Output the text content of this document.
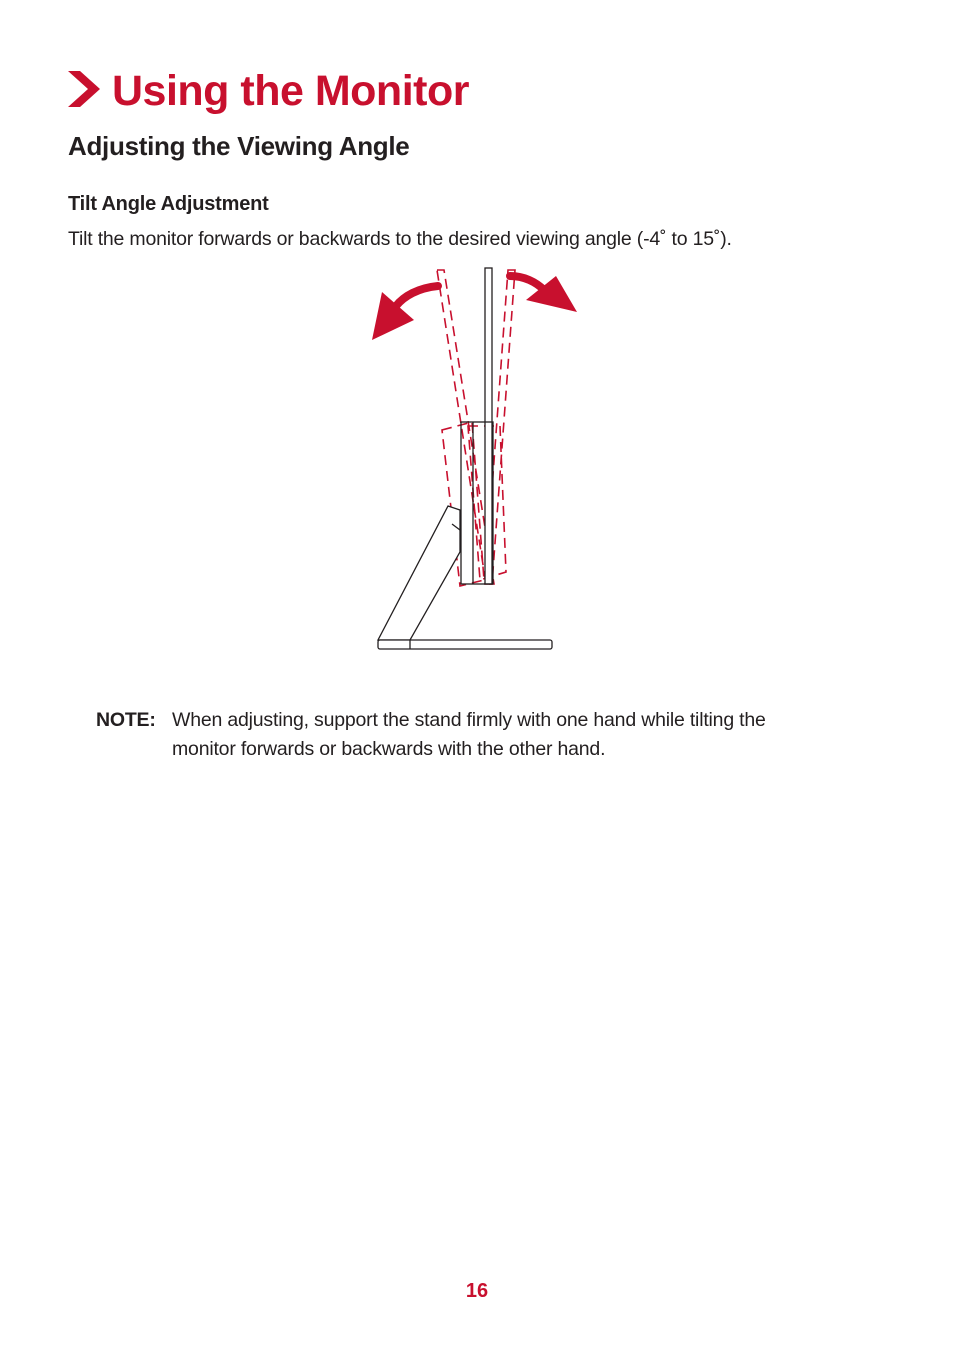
Using the Monitor
Adjusting the Viewing Angle
Tilt Angle Adjustment
Tilt the monitor forwards or backwards to the desired viewing angle (-4˚ to 15˚).
NOTE: When adjusting, support the stand firmly with one hand while tilting the
monitor forwards or backwards with the other hand.
16
